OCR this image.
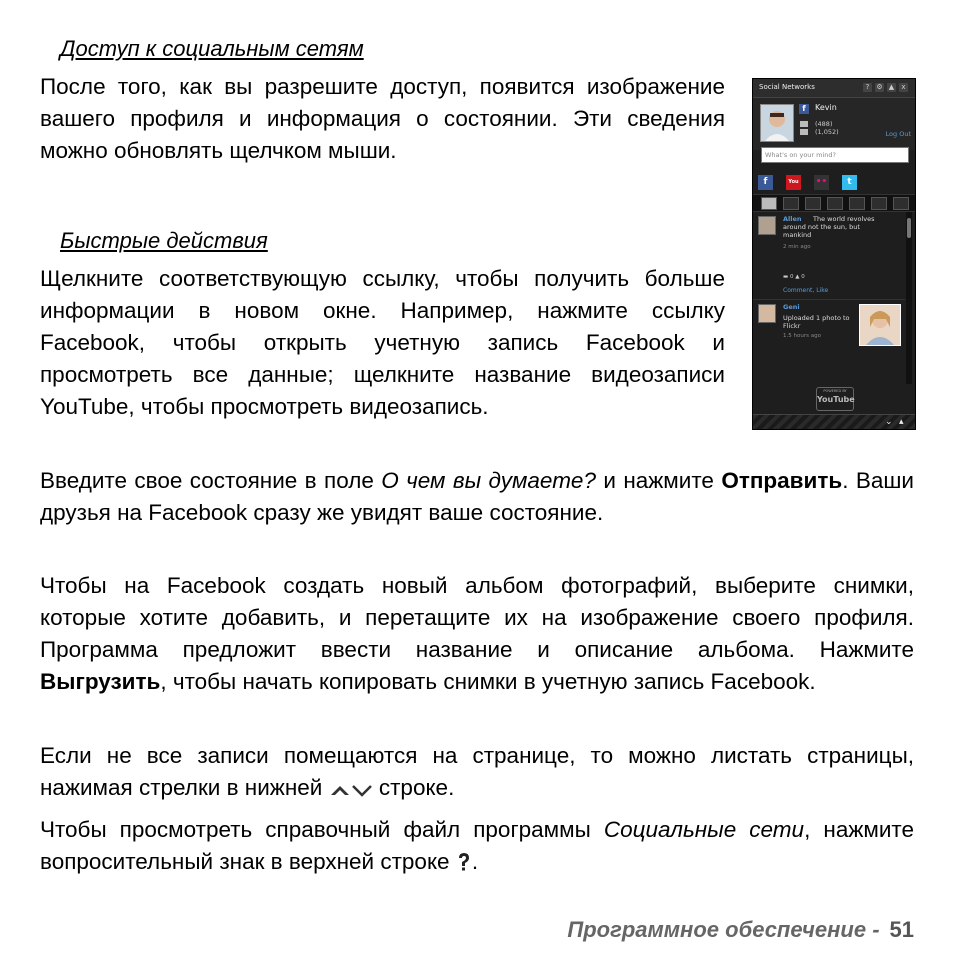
Доступ к социальным сетям

После того, как вы разрешите доступ, появится изображение вашего профиля и информация о состоянии. Эти сведения можно обновлять щелчком мыши.

Быстрые действия

Щелкните соответствующую ссылку, чтобы получить больше информации в новом окне. Например, нажмите ссылку Facebook, чтобы открыть учетную запись Facebook и просмотреть все данные; щелкните название видеозаписи YouTube, чтобы просмотреть видеозапись.

Введите свое состояние в поле О чем вы думаете? и нажмите Отправить. Ваши друзья на Facebook сразу же увидят ваше состояние.

Чтобы на Facebook создать новый альбом фотографий, выберите снимки, которые хотите добавить, и перетащите их на изображение своего профиля. Программа предложит ввести название и описание альбома. Нажмите Выгрузить, чтобы начать копировать снимки в учетную запись Facebook.

Если не все записи помещаются на странице, то можно листать страницы, нажимая стрелки в нижней  строке.

Чтобы просмотреть справочный файл программы Социальные сети, нажмите вопросительный знак в верхней строке .

Программное обеспечение - 51
Social Networks	?	⚙ ▲	x
f	Kevin
(488)
(1,052)	Log Out
What's on your mind?
f	You ••	t
Allen	The world revolves around not the sun, but mankind
2 min ago
▬ 0 ▲ 0
Comment, Like
Geni
Uploaded 1 photo to Flickr
1.5 hours ago
POWERED BY
YouTube
⌄ ▴
